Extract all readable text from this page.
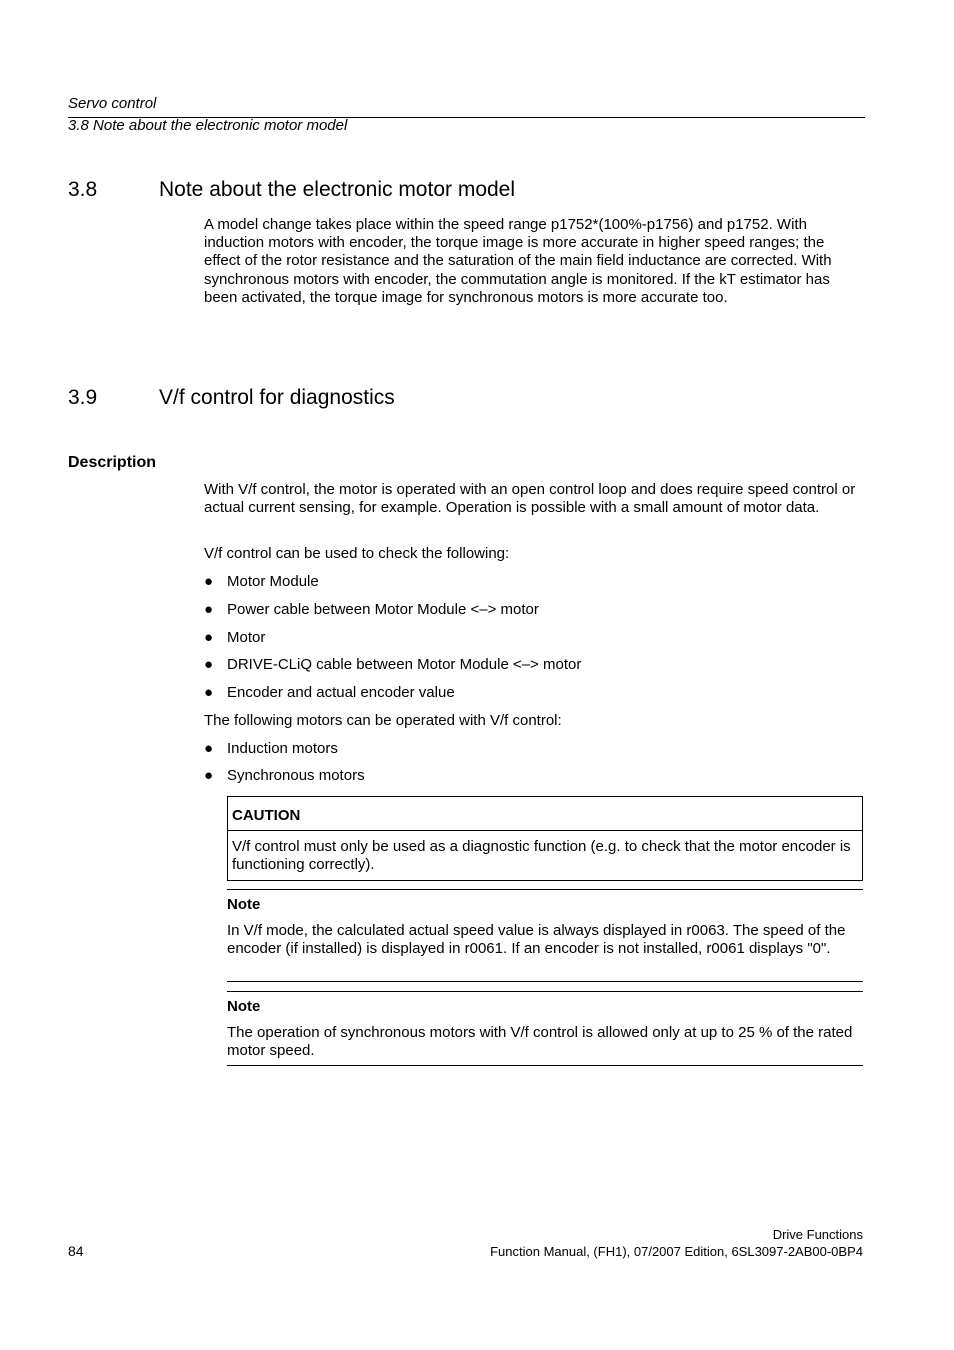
Servo control
3.8 Note about the electronic motor model
3.8	Note about the electronic motor model
A model change takes place within the speed range p1752*(100%-p1756) and p1752. With induction motors with encoder, the torque image is more accurate in higher speed ranges; the effect of the rotor resistance and the saturation of the main field inductance are corrected. With synchronous motors with encoder, the commutation angle is monitored. If the kT estimator has been activated, the torque image for synchronous motors is more accurate too.
3.9	V/f control for diagnostics
Description
With V/f control, the motor is operated with an open control loop and does require speed control or actual current sensing, for example. Operation is possible with a small amount of motor data.
V/f control can be used to check the following:
● Motor Module
● Power cable between Motor Module <–> motor
● Motor
● DRIVE-CLiQ cable between Motor Module <–> motor
● Encoder and actual encoder value
The following motors can be operated with V/f control:
● Induction motors
● Synchronous motors
CAUTION
V/f control must only be used as a diagnostic function (e.g. to check that the motor encoder is functioning correctly).
Note
In V/f mode, the calculated actual speed value is always displayed in r0063. The speed of the encoder (if installed) is displayed in r0061. If an encoder is not installed, r0061 displays "0".
Note
The operation of synchronous motors with V/f control is allowed only at up to 25 % of the rated motor speed.
Drive Functions
84	Function Manual, (FH1), 07/2007 Edition, 6SL3097-2AB00-0BP4
